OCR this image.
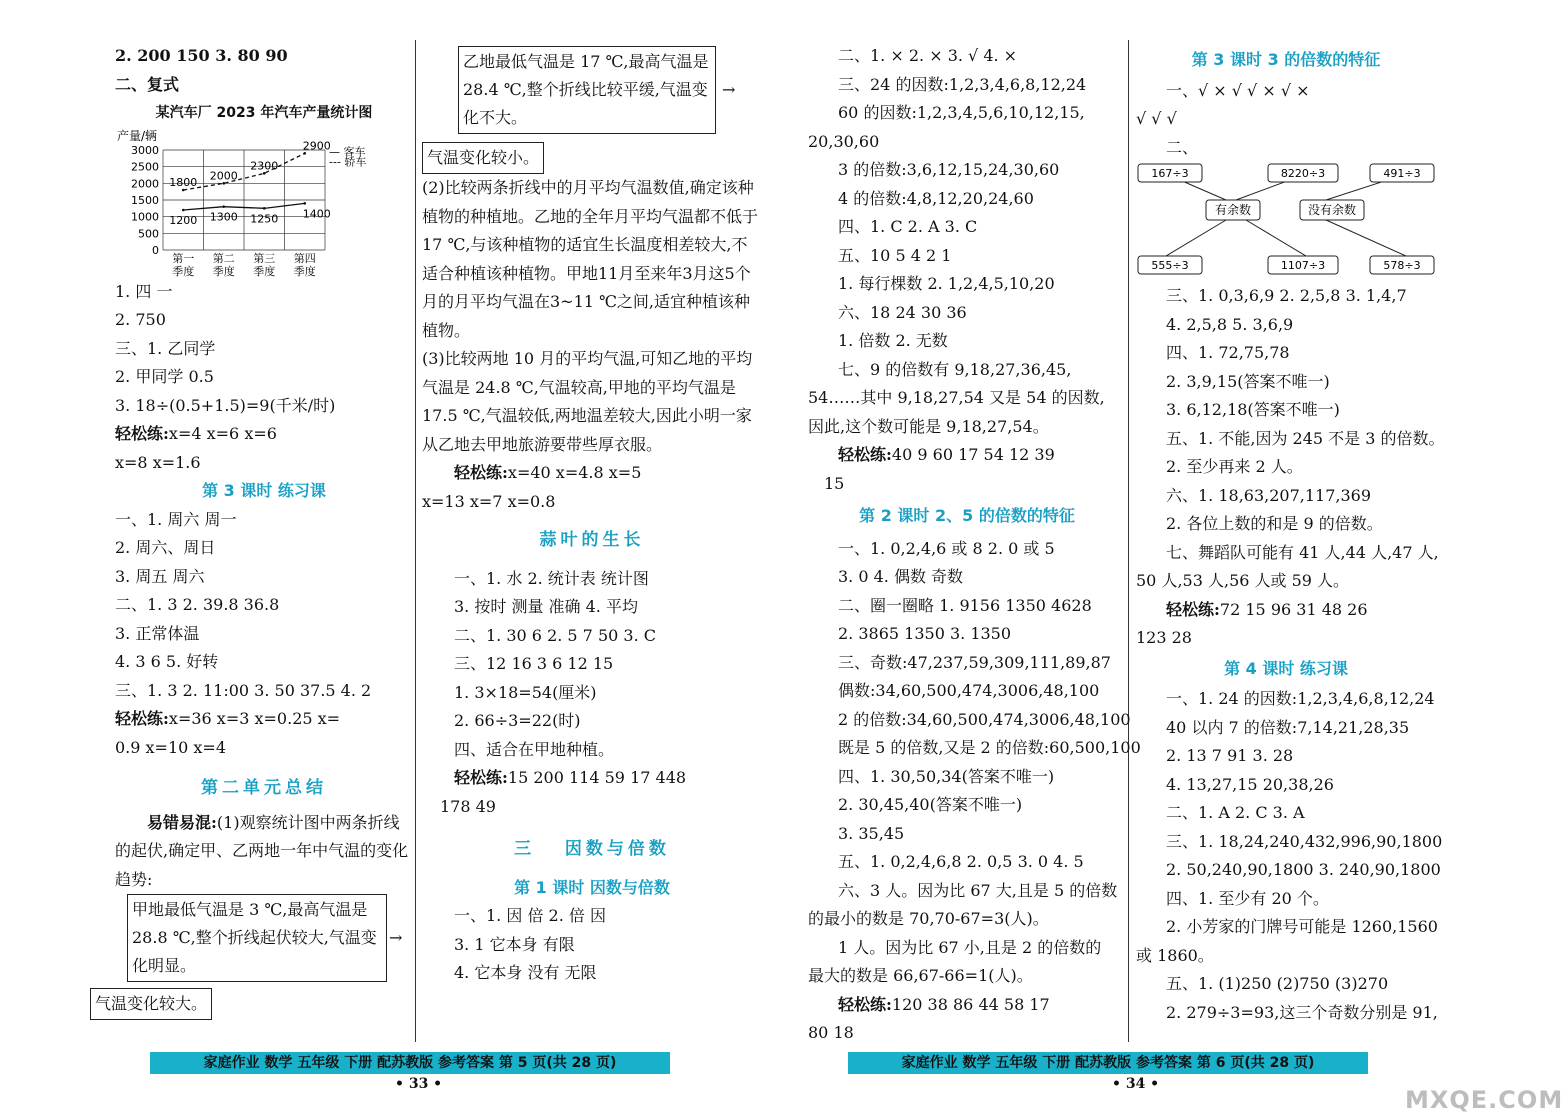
2. 200 150 3. 80 90
二、复式
某汽车厂 2023 年汽车产量统计图
产量/辆
0
500
1000
1500
2000
2500
3000
第一
季度
第二
季度
第三
季度
第四
季度
1200 1300 1250 1400
1800
2000
2300
2900
— 客车
--- 轿车
1. 四 一
2. 750
三、1. 乙同学
2. 甲同学 0.5
3. 18÷(0.5+1.5)=9(千米/时)
轻松练:x=4 x=6 x=6
x=8 x=1.6
第 3 课时 练习课
一、1. 周六 周一
2. 周六、周日
3. 周五 周六
二、1. 3 2. 39.8 36.8
3. 正常体温
4. 3 6 5. 好转
三、1. 3 2. 11:00 3. 50 37.5 4. 2
轻松练:x=36 x=3 x=0.25 x=
0.9 x=10 x=4
第二单元总结
易错易混:(1)观察统计图中两条折线
的起伏,确定甲、乙两地一年中气温的变化
趋势:
甲地最低气温是 3 ℃,最高气温是 28.8 ℃,整个折线起伏较大,气温变化明显。
→
气温变化较大。
乙地最低气温是 17 ℃,最高气温是 28.4 ℃,整个折线比较平缓,气温变化不大。
→
气温变化较小。
(2)比较两条折线中的月平均气温数值,确定该种植物的种植地。乙地的全年月平均气温都不低于 17 ℃,与该种植物的适宜生长温度相差较大,不适合种植该种植物。甲地11月至来年3月这5个月的月平均气温在3~11 ℃之间,适宜种植该种植物。
(3)比较两地 10 月的平均气温,可知乙地的平均气温是 24.8 ℃,气温较高,甲地的平均气温是 17.5 ℃,气温较低,两地温差较大,因此小明一家从乙地去甲地旅游要带些厚衣服。
轻松练:x=40 x=4.8 x=5
x=13 x=7 x=0.8
蒜叶的生长
一、1. 水 2. 统计表 统计图
3. 按时 测量 准确 4. 平均
二、1. 30 6 2. 5 7 50 3. C
三、12 16 3 6 12 15
1. 3×18=54(厘米)
2. 66÷3=22(时)
四、适合在甲地种植。
轻松练:15 200 114 59 17 448
178 49
三   因数与倍数
第 1 课时 因数与倍数
一、1. 因 倍 2. 倍 因
3. 1 它本身 有限
4. 它本身 没有 无限
二、1. × 2. × 3. √ 4. ×
三、24 的因数:1,2,3,4,6,8,12,24
60 的因数:1,2,3,4,5,6,10,12,15,
20,30,60
3 的倍数:3,6,12,15,24,30,60
4 的倍数:4,8,12,20,24,60
四、1. C 2. A 3. C
五、10 5 4 2 1
1. 每行棵数 2. 1,2,4,5,10,20
六、18 24 30 36
1. 倍数 2. 无数
七、9 的倍数有 9,18,27,36,45,
54……其中 9,18,27,54 又是 54 的因数,
因此,这个数可能是 9,18,27,54。
轻松练:40 9 60 17 54 12 39
15
第 2 课时 2、5 的倍数的特征
一、1. 0,2,4,6 或 8 2. 0 或 5
3. 0 4. 偶数 奇数
二、圈一圈略 1. 9156 1350 4628
2. 3865 1350 3. 1350
三、奇数:47,237,59,309,111,89,87
偶数:34,60,500,474,3006,48,100
2 的倍数:34,60,500,474,3006,48,100
既是 5 的倍数,又是 2 的倍数:60,500,100
四、1. 30,50,34(答案不唯一)
2. 30,45,40(答案不唯一)
3. 35,45
五、1. 0,2,4,6,8 2. 0,5 3. 0 4. 5
六、3 人。因为比 67 大,且是 5 的倍数
的最小的数是 70,70-67=3(人)。
1 人。因为比 67 小,且是 2 的倍数的
最大的数是 66,67-66=1(人)。
轻松练:120 38 86 44 58 17
80 18
第 3 课时 3 的倍数的特征
一、√ × √ √ × √ ×
√ √ √
二、
167÷3	8220÷3	491÷3
有余数	没有余数
555÷3	1107÷3	578÷3
三、1. 0,3,6,9 2. 2,5,8 3. 1,4,7
4. 2,5,8 5. 3,6,9
四、1. 72,75,78
2. 3,9,15(答案不唯一)
3. 6,12,18(答案不唯一)
五、1. 不能,因为 245 不是 3 的倍数。
2. 至少再来 2 人。
六、1. 18,63,207,117,369
2. 各位上数的和是 9 的倍数。
七、舞蹈队可能有 41 人,44 人,47 人,
50 人,53 人,56 人或 59 人。
轻松练:72 15 96 31 48 26
123 28
第 4 课时 练习课
一、1. 24 的因数:1,2,3,4,6,8,12,24
40 以内 7 的倍数:7,14,21,28,35
2. 13 7 91 3. 28
4. 13,27,15 20,38,26
二、1. A 2. C 3. A
三、1. 18,24,240,432,996,90,1800
2. 50,240,90,1800 3. 240,90,1800
四、1. 至少有 20 个。
2. 小芳家的门牌号可能是 1260,1560
或 1860。
五、1. (1)250 (2)750 (3)270
2. 279÷3=93,这三个奇数分别是 91,
家庭作业 数学 五年级 下册 配苏教版 参考答案 第 5 页(共 28 页)
• 33 •
家庭作业 数学 五年级 下册 配苏教版 参考答案 第 6 页(共 28 页)
• 34 •
MXQE.COM
